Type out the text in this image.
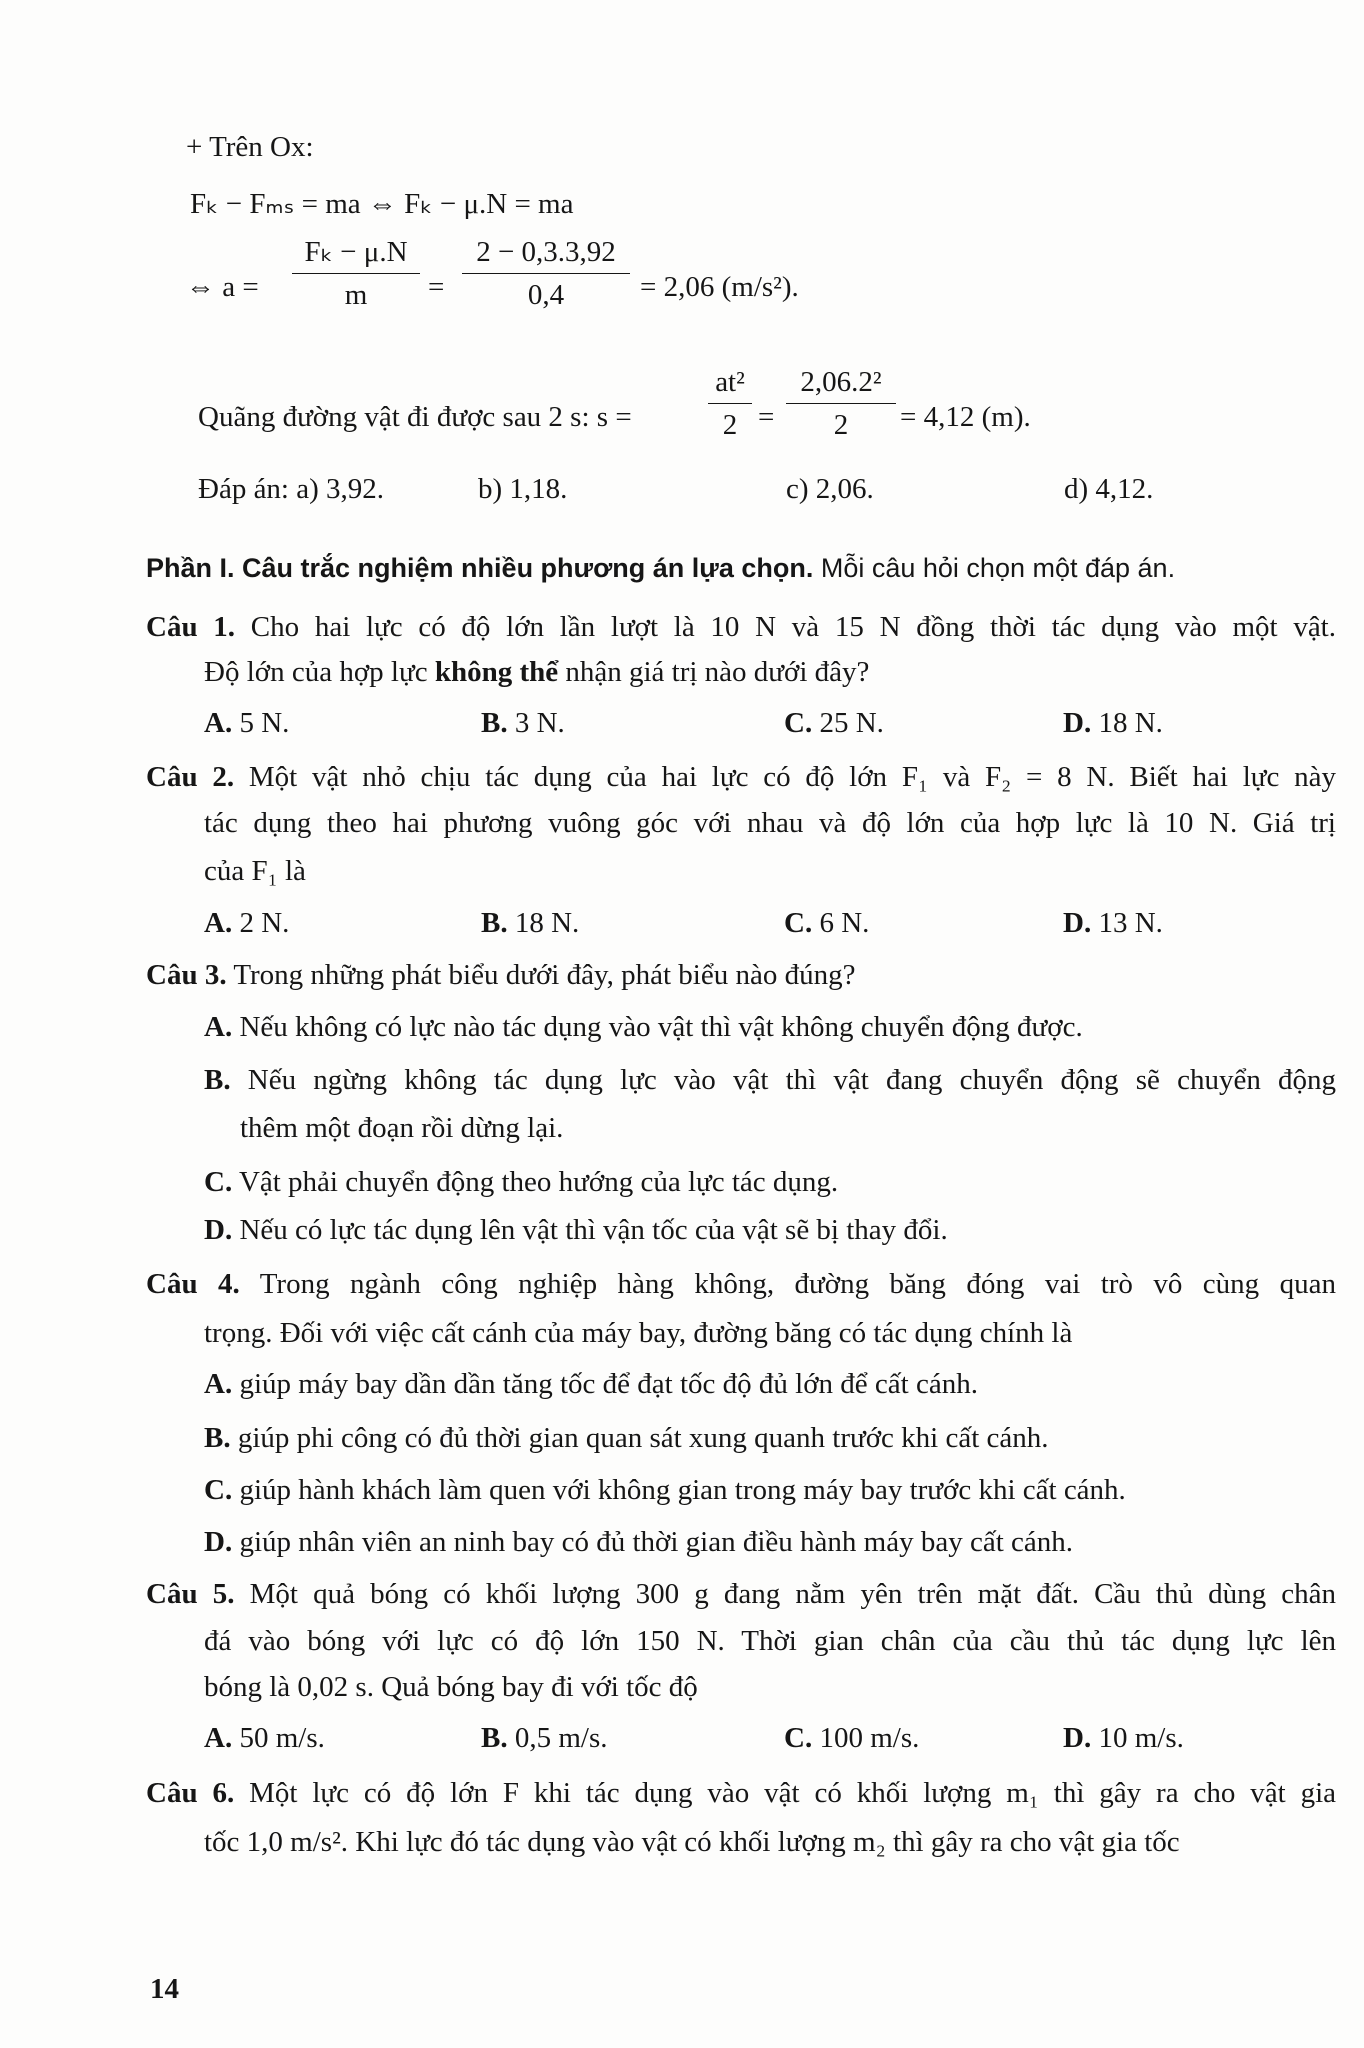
+ Trên Ox:
Fₖ − Fₘₛ = ma ⇔ Fₖ − μ.N = ma
⇔ a =
Fₖ − μ.N
m	=
2 − 0,3.3,92
0,4	= 2,06 (m/s²).
Quãng đường vật đi được sau 2 s: s =
at²
2 =
2,06.2²
2	= 4,12 (m).
Đáp án: a) 3,92.	b) 1,18.	c) 2,06.	d) 4,12.
Phần I. Câu trắc nghiệm nhiều phương án lựa chọn. Mỗi câu hỏi chọn một đáp án.
Câu 1. Cho hai lực có độ lớn lần lượt là 10 N và 15 N đồng thời tác dụng vào một vật.
Độ lớn của hợp lực không thể nhận giá trị nào dưới đây?
A. 5 N.	B. 3 N.	C. 25 N.	D. 18 N.
Câu 2. Một vật nhỏ chịu tác dụng của hai lực có độ lớn F₁ và F₂ = 8 N. Biết hai lực này
tác dụng theo hai phương vuông góc với nhau và độ lớn của hợp lực là 10 N. Giá trị
của F₁ là
A. 2 N.	B. 18 N.	C. 6 N.	D. 13 N.
Câu 3. Trong những phát biểu dưới đây, phát biểu nào đúng?
A. Nếu không có lực nào tác dụng vào vật thì vật không chuyển động được.
B. Nếu ngừng không tác dụng lực vào vật thì vật đang chuyển động sẽ chuyển động
thêm một đoạn rồi dừng lại.
C. Vật phải chuyển động theo hướng của lực tác dụng.
D. Nếu có lực tác dụng lên vật thì vận tốc của vật sẽ bị thay đổi.
Câu 4. Trong ngành công nghiệp hàng không, đường băng đóng vai trò vô cùng quan
trọng. Đối với việc cất cánh của máy bay, đường băng có tác dụng chính là
A. giúp máy bay dần dần tăng tốc để đạt tốc độ đủ lớn để cất cánh.
B. giúp phi công có đủ thời gian quan sát xung quanh trước khi cất cánh.
C. giúp hành khách làm quen với không gian trong máy bay trước khi cất cánh.
D. giúp nhân viên an ninh bay có đủ thời gian điều hành máy bay cất cánh.
Câu 5. Một quả bóng có khối lượng 300 g đang nằm yên trên mặt đất. Cầu thủ dùng chân
đá vào bóng với lực có độ lớn 150 N. Thời gian chân của cầu thủ tác dụng lực lên
bóng là 0,02 s. Quả bóng bay đi với tốc độ
A. 50 m/s.	B. 0,5 m/s.	C. 100 m/s.	D. 10 m/s.
Câu 6. Một lực có độ lớn F khi tác dụng vào vật có khối lượng m₁ thì gây ra cho vật gia
tốc 1,0 m/s². Khi lực đó tác dụng vào vật có khối lượng m₂ thì gây ra cho vật gia tốc
14
